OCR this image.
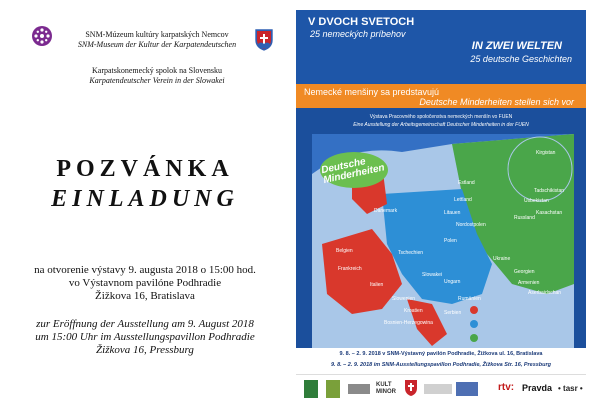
SNM-Múzeum kultúry karpatských Nemcov
SNM-Museum der Kultur der Karpatendeutschen
Karpatskonemecký spolok na Slovensku
Karpatendeutscher Verein in der Slowakei
POZVÁNKA
EINLADUNG
na otvorenie výstavy 9. augusta 2018 o 15:00 hod.
vo Výstavnom pavilóne Podhradie
Žižkova 16, Bratislava
zur Eröffnung der Ausstellung am 9. August 2018
um 15:00 Uhr im Ausstellungspavillon Podhradie
Žižkova 16, Pressburg
Deutsche Minderheiten
Kirgistan
Tadschikistan
Usbekistan
Kasachstan
Russland
Georgien
Armenien
Aserbaidschan
Ukraine
Estland
Lettland
Litauen
Nordostpolen
Polen
Dänemark
Belgien
Frankreich
Tschechien
Slowakei
Ungarn
Rumänien
Serbien
Italien
Slowenien
Kroatien
Bosnien-Herzegowina
V DVOCH SVETOCH
25 nemeckých príbehov
IN ZWEI WELTEN
25 deutsche Geschichten
Nemecké menšiny sa predstavujú
Deutsche Minderheiten stellen sich vor
Výstava Pracovného spoločenstva nemeckých menšín vo FUEN
Eine Ausstellung der Arbeitsgemeinschaft Deutscher Minderheiten in der FUEN
9. 8. – 2. 9. 2018 v SNM-Výstavný pavilón Podhradie, Žižkova ul. 16, Bratislava
9. 8. – 2. 9. 2018 im SNM-Ausstellungspavillon Podhradie, Žižkova Str. 16, Pressburg
KULT MINOR	rtv: Pravda • tasr •
